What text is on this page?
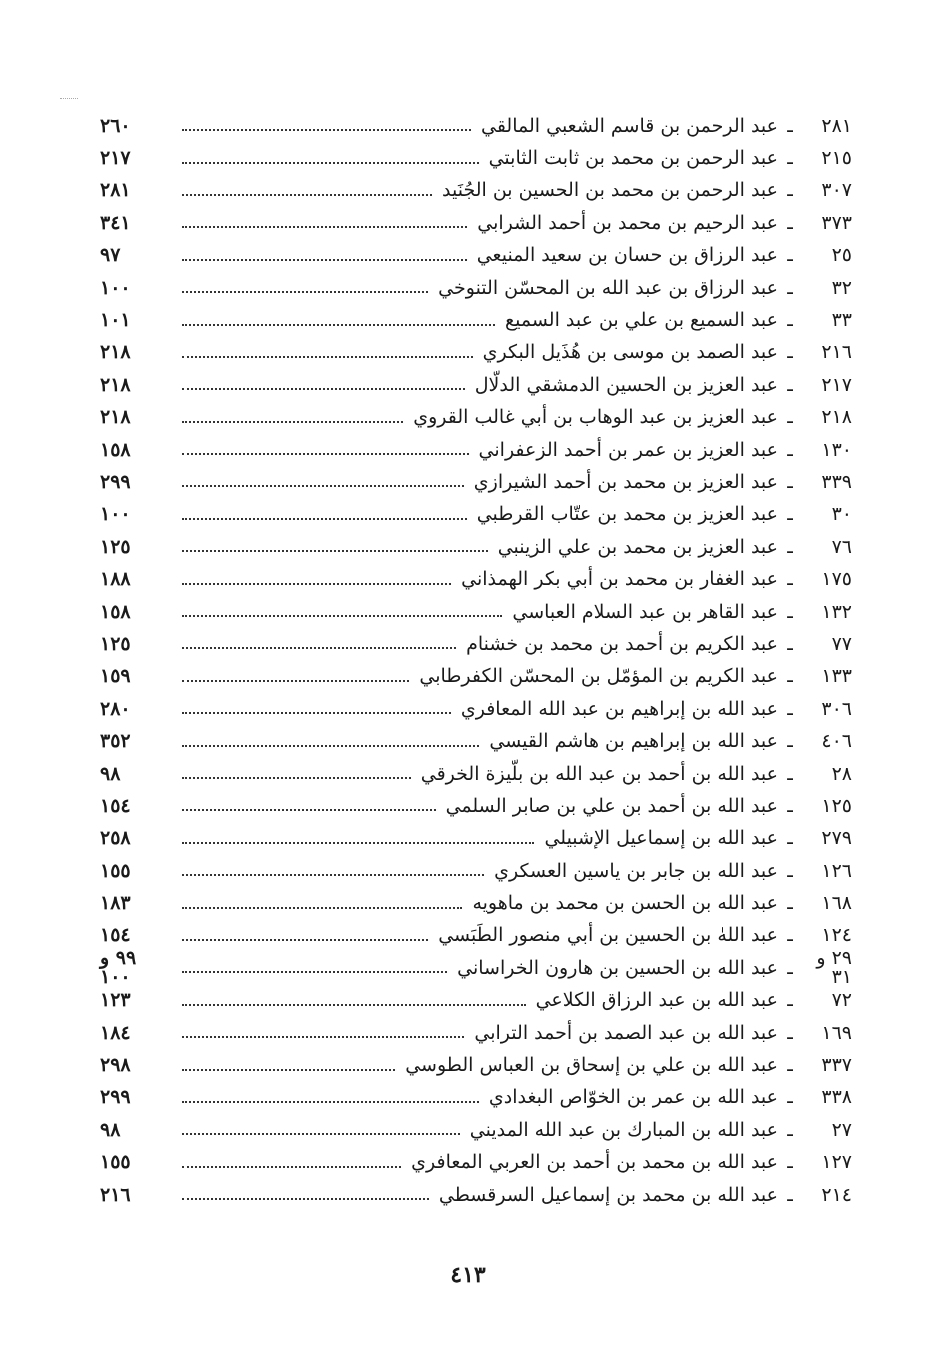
٢٨١
ـ
عبد الرحمن بن قاسم الشعبي المالقي
٢٦٠
٢١٥
ـ
عبد الرحمن بن محمد بن ثابت الثابتي
٢١٧
٣٠٧
ـ
عبد الرحمن بن محمد بن الحسين بن الجُنَيد
٢٨١
٣٧٣
ـ
عبد الرحيم بن محمد بن أحمد الشرابي
٣٤١
٢٥
ـ
عبد الرزاق بن حسان بن سعيد المنيعي
٩٧
٣٢
ـ
عبد الرزاق بن عبد الله بن المحسّن التنوخي
١٠٠
٣٣
ـ
عبد السميع بن علي بن عبد السميع
١٠١
٢١٦
ـ
عبد الصمد بن موسى بن هُذَيل البكري
٢١٨
٢١٧
ـ
عبد العزيز بن الحسين الدمشقي الدلّال
٢١٨
٢١٨
ـ
عبد العزيز بن عبد الوهاب بن أبي غالب القروي
٢١٨
١٣٠
ـ
عبد العزيز بن عمر بن أحمد الزعفراني
١٥٨
٣٣٩
ـ
عبد العزيز بن محمد بن أحمد الشيرازي
٢٩٩
٣٠
ـ
عبد العزيز بن محمد بن عتّاب القرطبي
١٠٠
٧٦
ـ
عبد العزيز بن محمد بن علي الزينبي
١٢٥
١٧٥
ـ
عبد الغفار بن محمد بن أبي بكر الهمذاني
١٨٨
١٣٢
ـ
عبد القاهر بن عبد السلام العباسي
١٥٨
٧٧
ـ
عبد الكريم بن أحمد بن محمد بن خشنام
١٢٥
١٣٣
ـ
عبد الكريم بن المؤمّل بن المحسّن الكفرطابي
١٥٩
٣٠٦
ـ
عبد الله بن إبراهيم بن عبد الله المعافري
٢٨٠
٤٠٦
ـ
عبد الله بن إبراهيم بن هاشم القيسي
٣٥٢
٢٨
ـ
عبد الله بن أحمد بن عبد الله بن بلّيزة الخرقي
٩٨
١٢٥
ـ
عبد الله بن أحمد بن علي بن صابر السلمي
١٥٤
٢٧٩
ـ
عبد الله بن إسماعيل الإشبيلي
٢٥٨
١٢٦
ـ
عبد الله بن جابر بن ياسين العسكري
١٥٥
١٦٨
ـ
عبد الله بن الحسن بن محمد بن ماهويه
١٨٣
١٢٤
ـ
عبد اللهٰ بن الحسين بن أبي منصور الطَبَسي
١٥٤
٢٩ و ٣١
ـ
عبد الله بن الحسين بن هارون الخراساني
٩٩ و ١٠٠
٧٢
ـ
عبد الله بن عبد الرزاق الكلاعي
١٢٣
١٦٩
ـ
عبد الله بن عبد الصمد بن أحمد الترابي
١٨٤
٣٣٧
ـ
عبد الله بن علي بن إسحاق بن العباس الطوسي
٢٩٨
٣٣٨
ـ
عبد الله بن عمر بن الخوّاص البغدادي
٢٩٩
٢٧
ـ
عبد الله بن المبارك بن عبد الله المديني
٩٨
١٢٧
ـ
عبد الله بن محمد بن أحمد بن العربي المعافري
١٥٥
٢١٤
ـ
عبد الله بن محمد بن إسماعيل السرقسطي
٢١٦
٤١٣
